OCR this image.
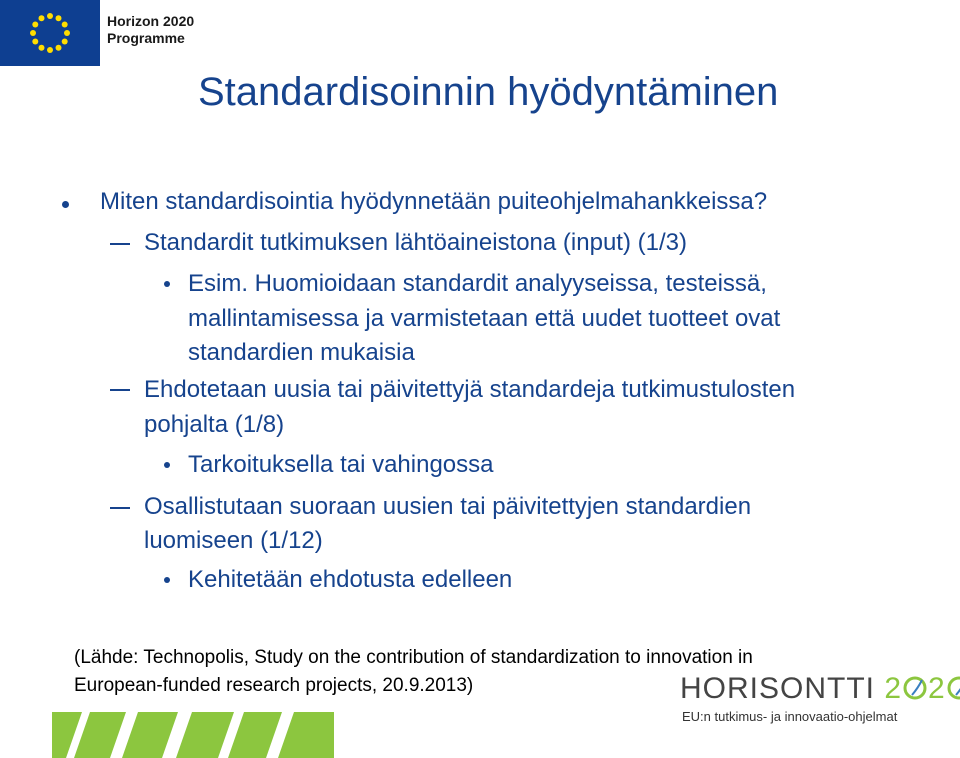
Horizon 2020
Programme
Standardisoinnin hyödyntäminen
Miten standardisointia hyödynnetään puiteohjelmahankkeissa?
Standardit tutkimuksen lähtöaineistona (input) (1/3)
Esim. Huomioidaan standardit analyyseissa, testeissä,
mallintamisessa ja varmistetaan että uudet tuotteet ovat
standardien mukaisia
Ehdotetaan uusia tai päivitettyjä standardeja tutkimustulosten
pohjalta (1/8)
Tarkoituksella tai vahingossa
Osallistutaan suoraan uusien tai päivitettyjen standardien
luomiseen (1/12)
Kehitetään ehdotusta edelleen
(Lähde: Technopolis, Study on the contribution of standardization to innovation in
European-funded research projects, 20.9.2013)	HORISONTTI 2 2
EU:n tutkimus- ja innovaatio-ohjelmat
